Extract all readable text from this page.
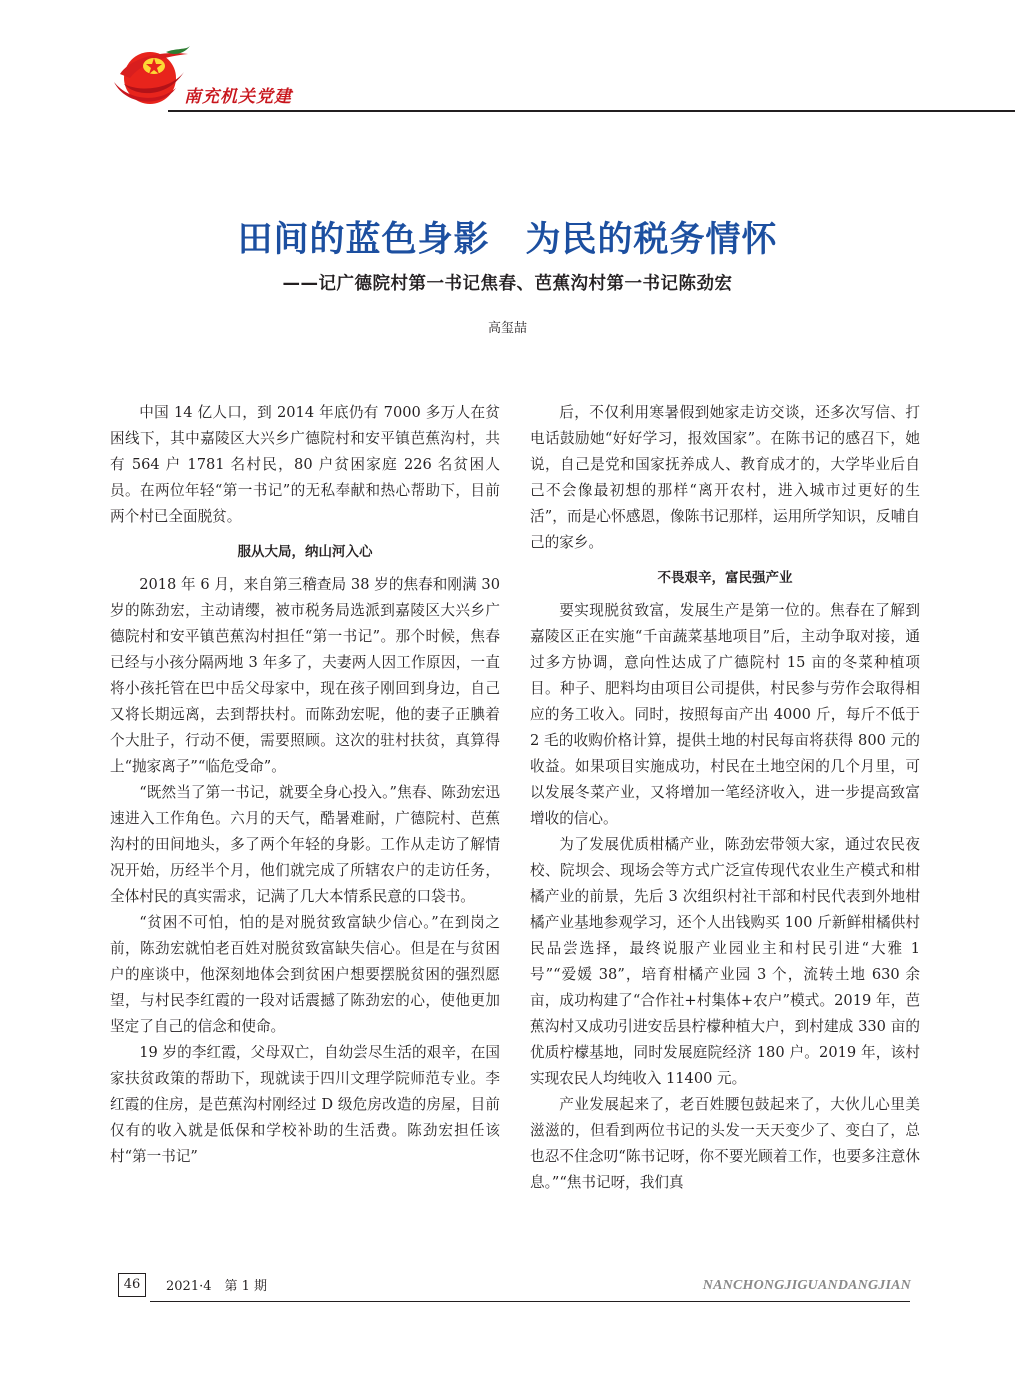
南充机关党建
田间的蓝色身影　为民的税务情怀
——记广德院村第一书记焦春、芭蕉沟村第一书记陈劲宏
高玺喆

中国 14 亿人口，到 2014 年底仍有 7000 多万人在贫困线下，其中嘉陵区大兴乡广德院村和安平镇芭蕉沟村，共有 564 户 1781 名村民，80 户贫困家庭 226 名贫困人员。在两位年轻“第一书记”的无私奉献和热心帮助下，目前两个村已全面脱贫。

服从大局，纳山河入心

2018 年 6 月，来自第三稽查局 38 岁的焦春和刚满 30 岁的陈劲宏，主动请缨，被市税务局选派到嘉陵区大兴乡广德院村和安平镇芭蕉沟村担任“第一书记”。那个时候，焦春已经与小孩分隔两地 3 年多了，夫妻两人因工作原因，一直将小孩托管在巴中岳父母家中，现在孩子刚回到身边，自己又将长期远离，去到帮扶村。而陈劲宏呢，他的妻子正腆着个大肚子，行动不便，需要照顾。这次的驻村扶贫，真算得上“抛家离子”“临危受命”。

“既然当了第一书记，就要全身心投入。”焦春、陈劲宏迅速进入工作角色。六月的天气，酷暑难耐，广德院村、芭蕉沟村的田间地头，多了两个年轻的身影。工作从走访了解情况开始，历经半个月，他们就完成了所辖农户的走访任务，全体村民的真实需求，记满了几大本情系民意的口袋书。

“贫困不可怕，怕的是对脱贫致富缺少信心。”在到岗之前，陈劲宏就怕老百姓对脱贫致富缺失信心。但是在与贫困户的座谈中，他深刻地体会到贫困户想要摆脱贫困的强烈愿望，与村民李红霞的一段对话震撼了陈劲宏的心，使他更加坚定了自己的信念和使命。

19 岁的李红霞，父母双亡，自幼尝尽生活的艰辛，在国家扶贫政策的帮助下，现就读于四川文理学院师范专业。李红霞的住房，是芭蕉沟村刚经过 D 级危房改造的房屋，目前仅有的收入就是低保和学校补助的生活费。陈劲宏担任该村“第一书记”

后，不仅利用寒暑假到她家走访交谈，还多次写信、打电话鼓励她“好好学习，报效国家”。在陈书记的感召下，她说，自己是党和国家抚养成人、教育成才的，大学毕业后自己不会像最初想的那样“离开农村，进入城市过更好的生活”，而是心怀感恩，像陈书记那样，运用所学知识，反哺自己的家乡。

不畏艰辛，富民强产业

要实现脱贫致富，发展生产是第一位的。焦春在了解到嘉陵区正在实施“千亩蔬菜基地项目”后，主动争取对接，通过多方协调，意向性达成了广德院村 15 亩的冬菜种植项目。种子、肥料均由项目公司提供，村民参与劳作会取得相应的务工收入。同时，按照每亩产出 4000 斤，每斤不低于 2 毛的收购价格计算，提供土地的村民每亩将获得 800 元的收益。如果项目实施成功，村民在土地空闲的几个月里，可以发展冬菜产业，又将增加一笔经济收入，进一步提高致富增收的信心。

为了发展优质柑橘产业，陈劲宏带领大家，通过农民夜校、院坝会、现场会等方式广泛宣传现代农业生产模式和柑橘产业的前景，先后 3 次组织村社干部和村民代表到外地柑橘产业基地参观学习，还个人出钱购买 100 斤新鲜柑橘供村民品尝选择，最终说服产业园业主和村民引进“大雅 1 号”“爱媛 38”，培育柑橘产业园 3 个，流转土地 630 余亩，成功构建了“合作社+村集体+农户”模式。2019 年，芭蕉沟村又成功引进安岳县柠檬种植大户，到村建成 330 亩的优质柠檬基地，同时发展庭院经济 180 户。2019 年，该村实现农民人均纯收入 11400 元。

产业发展起来了，老百姓腰包鼓起来了，大伙儿心里美滋滋的，但看到两位书记的头发一天天变少了、变白了，总也忍不住念叨“陈书记呀，你不要光顾着工作，也要多注意休息。”“焦书记呀，我们真

46	2021·4　第 1 期	NANCHONGJIGUANDANGJIAN
